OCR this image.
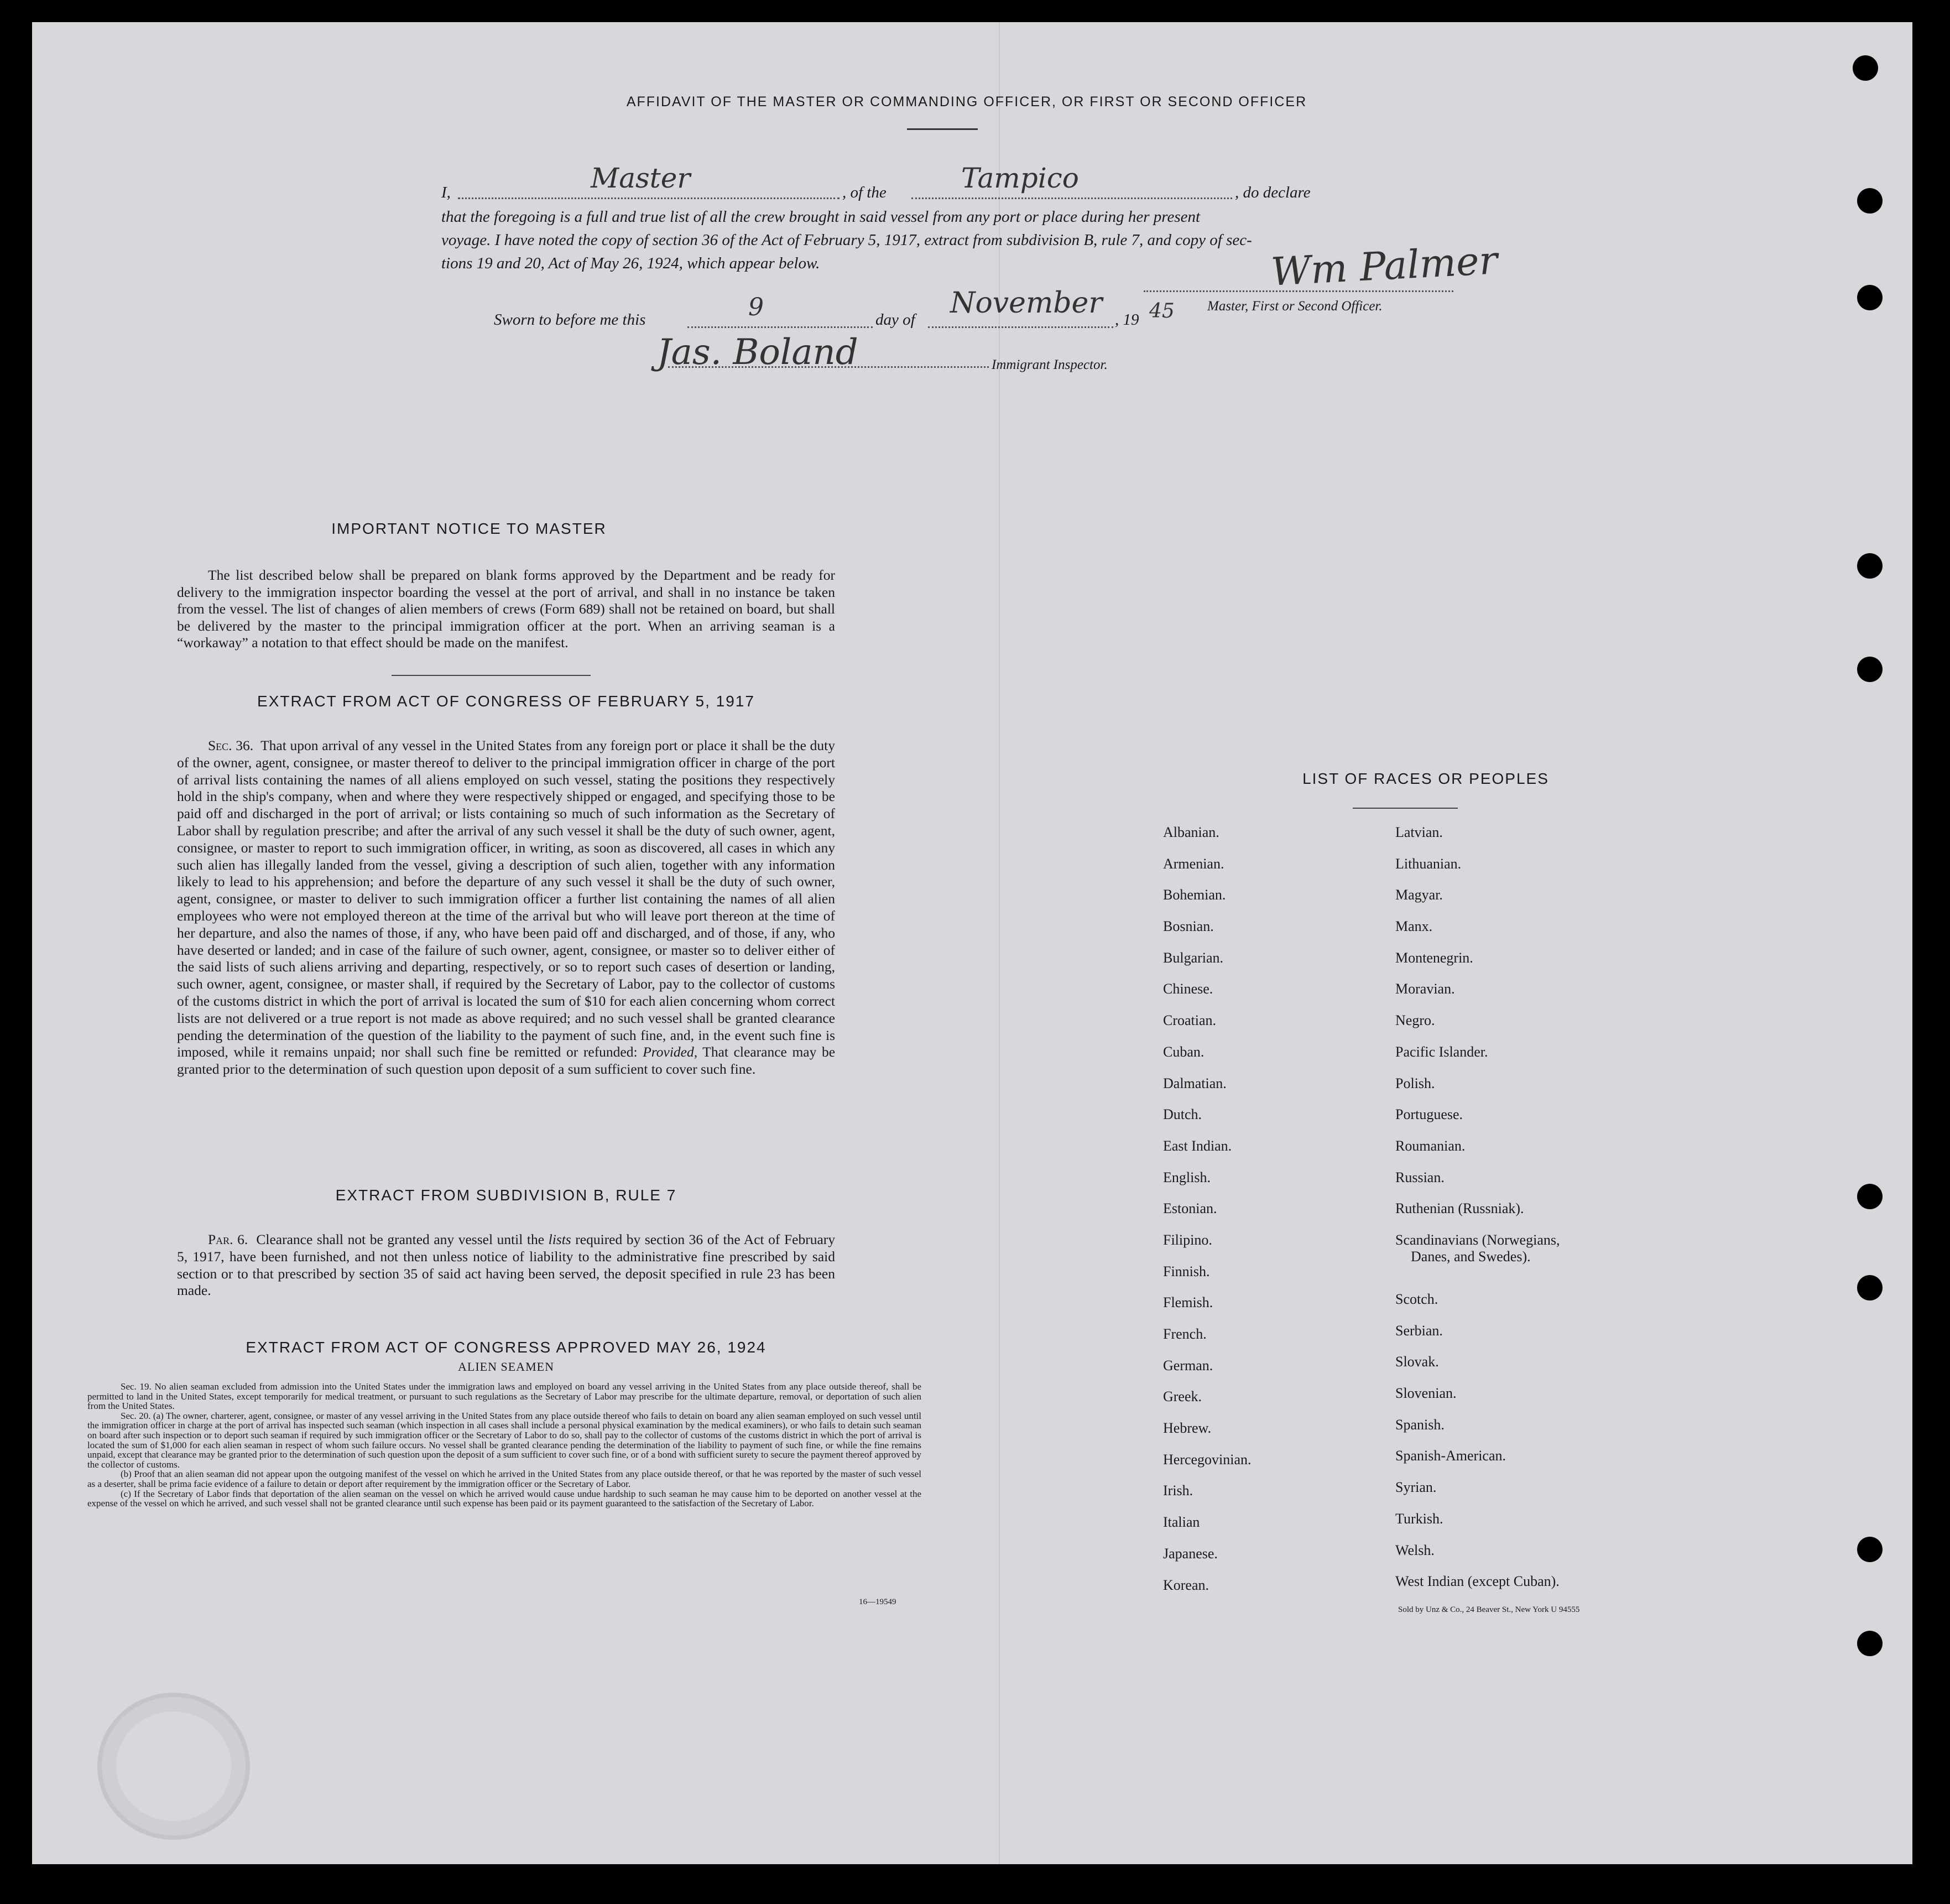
AFFIDAVIT OF THE MASTER OR COMMANDING OFFICER, OR FIRST OR SECOND OFFICER
I,	Master	, of the	Tampico	, do declare
that the foregoing is a full and true list of all the crew brought in said vessel from any port or place during her present
voyage. I have noted the copy of section 36 of the Act of February 5, 1917, extract from subdivision B, rule 7, and copy of sec-
tions 19 and 20, Act of May 26, 1924, which appear below.	Wm Palmer
Master, First or Second Officer.
Sworn to before me this	9	day of November , 19 45
Jas. Boland	Immigrant Inspector.
IMPORTANT NOTICE TO MASTER
The list described below shall be prepared on blank forms approved by the Department and be ready for delivery to the immigration inspector boarding the vessel at the port of arrival, and shall in no instance be taken from the vessel. The list of changes of alien members of crews (Form 689) shall not be retained on board, but shall be delivered by the master to the principal immigration officer at the port. When an arriving seaman is a “workaway” a notation to that effect should be made on the manifest.
EXTRACT FROM ACT OF CONGRESS OF FEBRUARY 5, 1917
Sec. 36. That upon arrival of any vessel in the United States from any foreign port or place it shall be the duty of the owner, agent, consignee, or master thereof to deliver to the principal immigration officer in charge of the port of arrival lists containing the names of all aliens employed on such vessel, stating the positions they respectively hold in the ship's company, when and where they were respectively shipped or engaged, and specifying those to be paid off and discharged in the port of arrival; or lists containing so much of such information as the Secretary of Labor shall by regulation prescribe; and after the arrival of any such vessel it shall be the duty of such owner, agent, consignee, or master to report to such immigration officer, in writing, as soon as discovered, all cases in which any such alien has illegally landed from the vessel, giving a description of such alien, together with any information likely to lead to his apprehension; and before the departure of any such vessel it shall be the duty of such owner, agent, consignee, or master to deliver to such immigration officer a further list containing the names of all alien employees who were not employed thereon at the time of the arrival but who will leave port thereon at the time of her departure, and also the names of those, if any, who have been paid off and discharged, and of those, if any, who have deserted or landed; and in case of the failure of such owner, agent, consignee, or master so to deliver either of the said lists of such aliens arriving and departing, respectively, or so to report such cases of desertion or landing, such owner, agent, consignee, or master shall, if required by the Secretary of Labor, pay to the collector of customs of the customs district in which the port of arrival is located the sum of $10 for each alien concerning whom correct lists are not delivered or a true report is not made as above required; and no such vessel shall be granted clearance pending the determination of the question of the liability to the payment of such fine, and, in the event such fine is imposed, while it remains unpaid; nor shall such fine be remitted or refunded: Provided, That clearance may be granted prior to the determination of such question upon deposit of a sum sufficient to cover such fine.
EXTRACT FROM SUBDIVISION B, RULE 7
Par. 6. Clearance shall not be granted any vessel until the lists required by section 36 of the Act of February 5, 1917, have been furnished, and not then unless notice of liability to the administrative fine prescribed by said section or to that prescribed by section 35 of said act having been served, the deposit specified in rule 23 has been made.
EXTRACT FROM ACT OF CONGRESS APPROVED MAY 26, 1924
ALIEN SEAMEN
Sec. 19. No alien seaman excluded from admission into the United States under the immigration laws and employed on board any vessel arriving in the United States from any place outside thereof, shall be permitted to land in the United States, except temporarily for medical treatment, or pursuant to such regulations as the Secretary of Labor may prescribe for the ultimate departure, removal, or deportation of such alien from the United States.
Sec. 20. (a) The owner, charterer, agent, consignee, or master of any vessel arriving in the United States from any place outside thereof who fails to detain on board any alien seaman employed on such vessel until the immigration officer in charge at the port of arrival has inspected such seaman (which inspection in all cases shall include a personal physical examination by the medical examiners), or who fails to detain such seaman on board after such inspection or to deport such seaman if required by such immigration officer or the Secretary of Labor to do so, shall pay to the collector of customs of the customs district in which the port of arrival is located the sum of $1,000 for each alien seaman in respect of whom such failure occurs. No vessel shall be granted clearance pending the determination of the liability to payment of such fine, or while the fine remains unpaid, except that clearance may be granted prior to the determination of such question upon the deposit of a sum sufficient to cover such fine, or of a bond with sufficient surety to secure the payment thereof approved by the collector of customs.
(b) Proof that an alien seaman did not appear upon the outgoing manifest of the vessel on which he arrived in the United States from any place outside thereof, or that he was reported by the master of such vessel as a deserter, shall be prima facie evidence of a failure to detain or deport after requirement by the immigration officer or the Secretary of Labor.
(c) If the Secretary of Labor finds that deportation of the alien seaman on the vessel on which he arrived would cause undue hardship to such seaman he may cause him to be deported on another vessel at the expense of the vessel on which he arrived, and such vessel shall not be granted clearance until such expense has been paid or its payment guaranteed to the satisfaction of the Secretary of Labor.
16—19549
LIST OF RACES OR PEOPLES
Albanian.
Armenian.
Bohemian.
Bosnian.
Bulgarian.
Chinese.
Croatian.
Cuban.
Dalmatian.
Dutch.
East Indian.
English.
Estonian.
Filipino.
Finnish.
Flemish.
French.
German.
Greek.
Hebrew.
Hercegovinian.
Irish.
Italian
Japanese.
Korean.
Latvian.
Lithuanian.
Magyar.
Manx.
Montenegrin.
Moravian.
Negro.
Pacific Islander.
Polish.
Portuguese.
Roumanian.
Russian.
Ruthenian (Russniak).
Scandinavians (Norwegians,
Danes, and Swedes).
Scotch.
Serbian.
Slovak.
Slovenian.
Spanish.
Spanish-American.
Syrian.
Turkish.
Welsh.
West Indian (except Cuban).
Sold by Unz & Co., 24 Beaver St., New York U 94555
